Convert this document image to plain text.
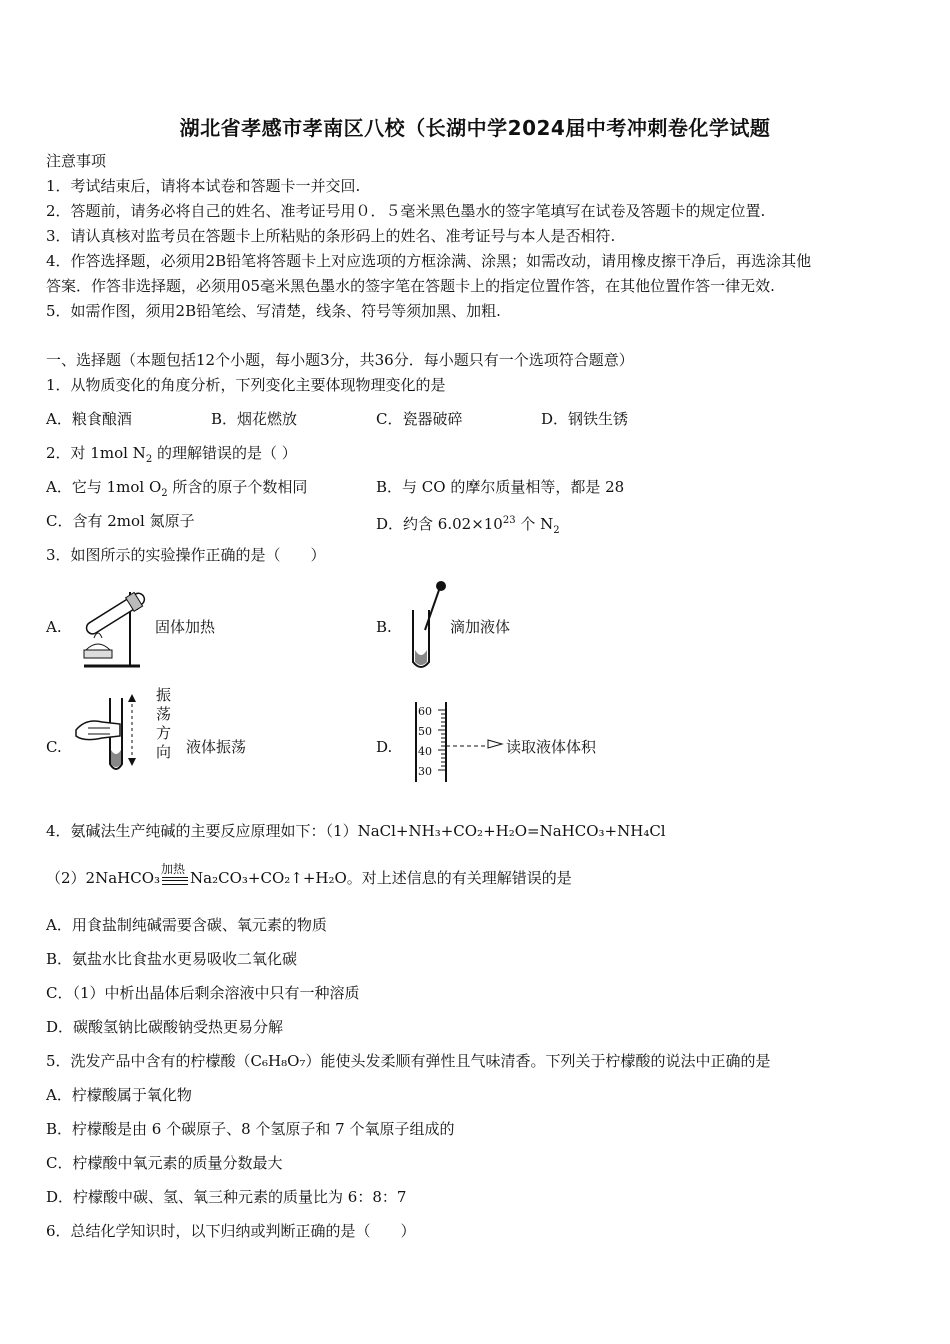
湖北省孝感市孝南区八校（长湖中学2024届中考冲刺卷化学试题
注意事项
1．考试结束后，请将本试卷和答题卡一并交回.
2．答题前，请务必将自己的姓名、准考证号用０．５毫米黑色墨水的签字笔填写在试卷及答题卡的规定位置.
3．请认真核对监考员在答题卡上所粘贴的条形码上的姓名、准考证号与本人是否相符.
4．作答选择题，必须用2B铅笔将答题卡上对应选项的方框涂满、涂黑；如需改动，请用橡皮擦干净后，再选涂其他
答案．作答非选择题，必须用05毫米黑色墨水的签字笔在答题卡上的指定位置作答，在其他位置作答一律无效.
5．如需作图，须用2B铅笔绘、写清楚，线条、符号等须加黑、加粗.
一、选择题（本题包括12个小题，每小题3分，共36分．每小题只有一个选项符合题意）
1．从物质变化的角度分析，下列变化主要体现物理变化的是
A．粮食酿酒	B．烟花燃放	C．瓷器破碎	D．钢铁生锈
2．对 1mol $N_2$ 的理解错误的是（ ）
A．它与 1mol $O_2$ 所含的原子个数相同	B．与 CO 的摩尔质量相等，都是 28
C．含有 2mol 氮原子	D．约含 $6.02\times 10^{23}$ 个 $N_2$
3．如图所示的实验操作正确的是（　　）
A.	固体加热	B.	滴加液体
C.
振
荡
方
向 液体振荡	D.
60
50
40
30
读取液体体积
4．氨碱法生产纯碱的主要反应原理如下：（1）NaCl+NH₃+CO₂+H₂O=NaHCO₃+NH₄Cl
（2）2NaHCO₃ 加热 Na₂CO₃+CO₂↑+H₂O。对上述信息的有关理解错误的是
A．用食盐制纯碱需要含碳、氧元素的物质
B．氨盐水比食盐水更易吸收二氧化碳
C．（1）中析出晶体后剩余溶液中只有一种溶质
D．碳酸氢钠比碳酸钠受热更易分解
5．洗发产品中含有的柠檬酸（C₆H₈O₇）能使头发柔顺有弹性且气味清香。下列关于柠檬酸的说法中正确的是
A．柠檬酸属于氧化物
B．柠檬酸是由 6 个碳原子、8 个氢原子和 7 个氧原子组成的
C．柠檬酸中氧元素的质量分数最大
D．柠檬酸中碳、氢、氧三种元素的质量比为 6：8：7
6．总结化学知识时，以下归纳或判断正确的是（　　）
